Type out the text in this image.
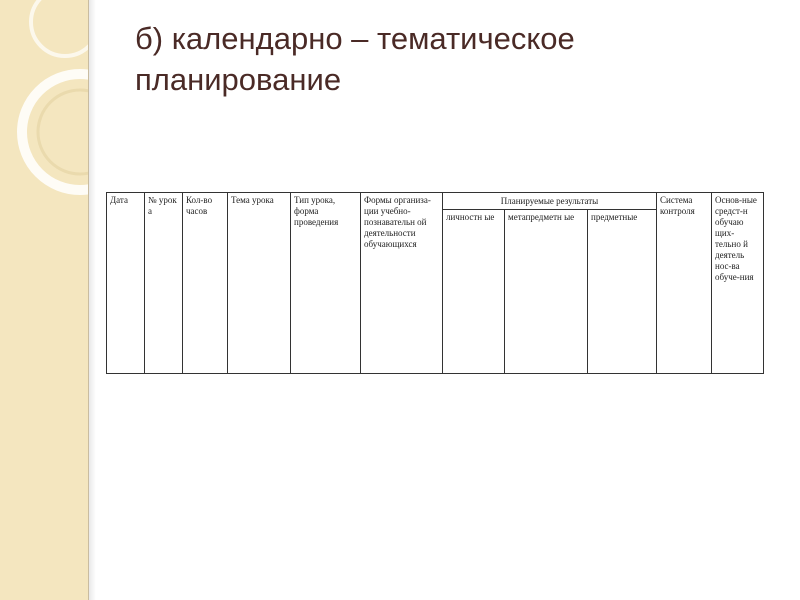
б) календарно – тематическое планирование
Дата	№ урок а	Кол-во часов	Тема урока	Тип урока, форма проведения	Формы организа-ции учебно-познавательн ой деятельности обучающихся	Планируемые результаты			Система контроля	Основ-ные средст-н обучаю щих-тельно й деятель нос-ва обуче-ния
						личностн ые	метапредметн ые	предметные		
